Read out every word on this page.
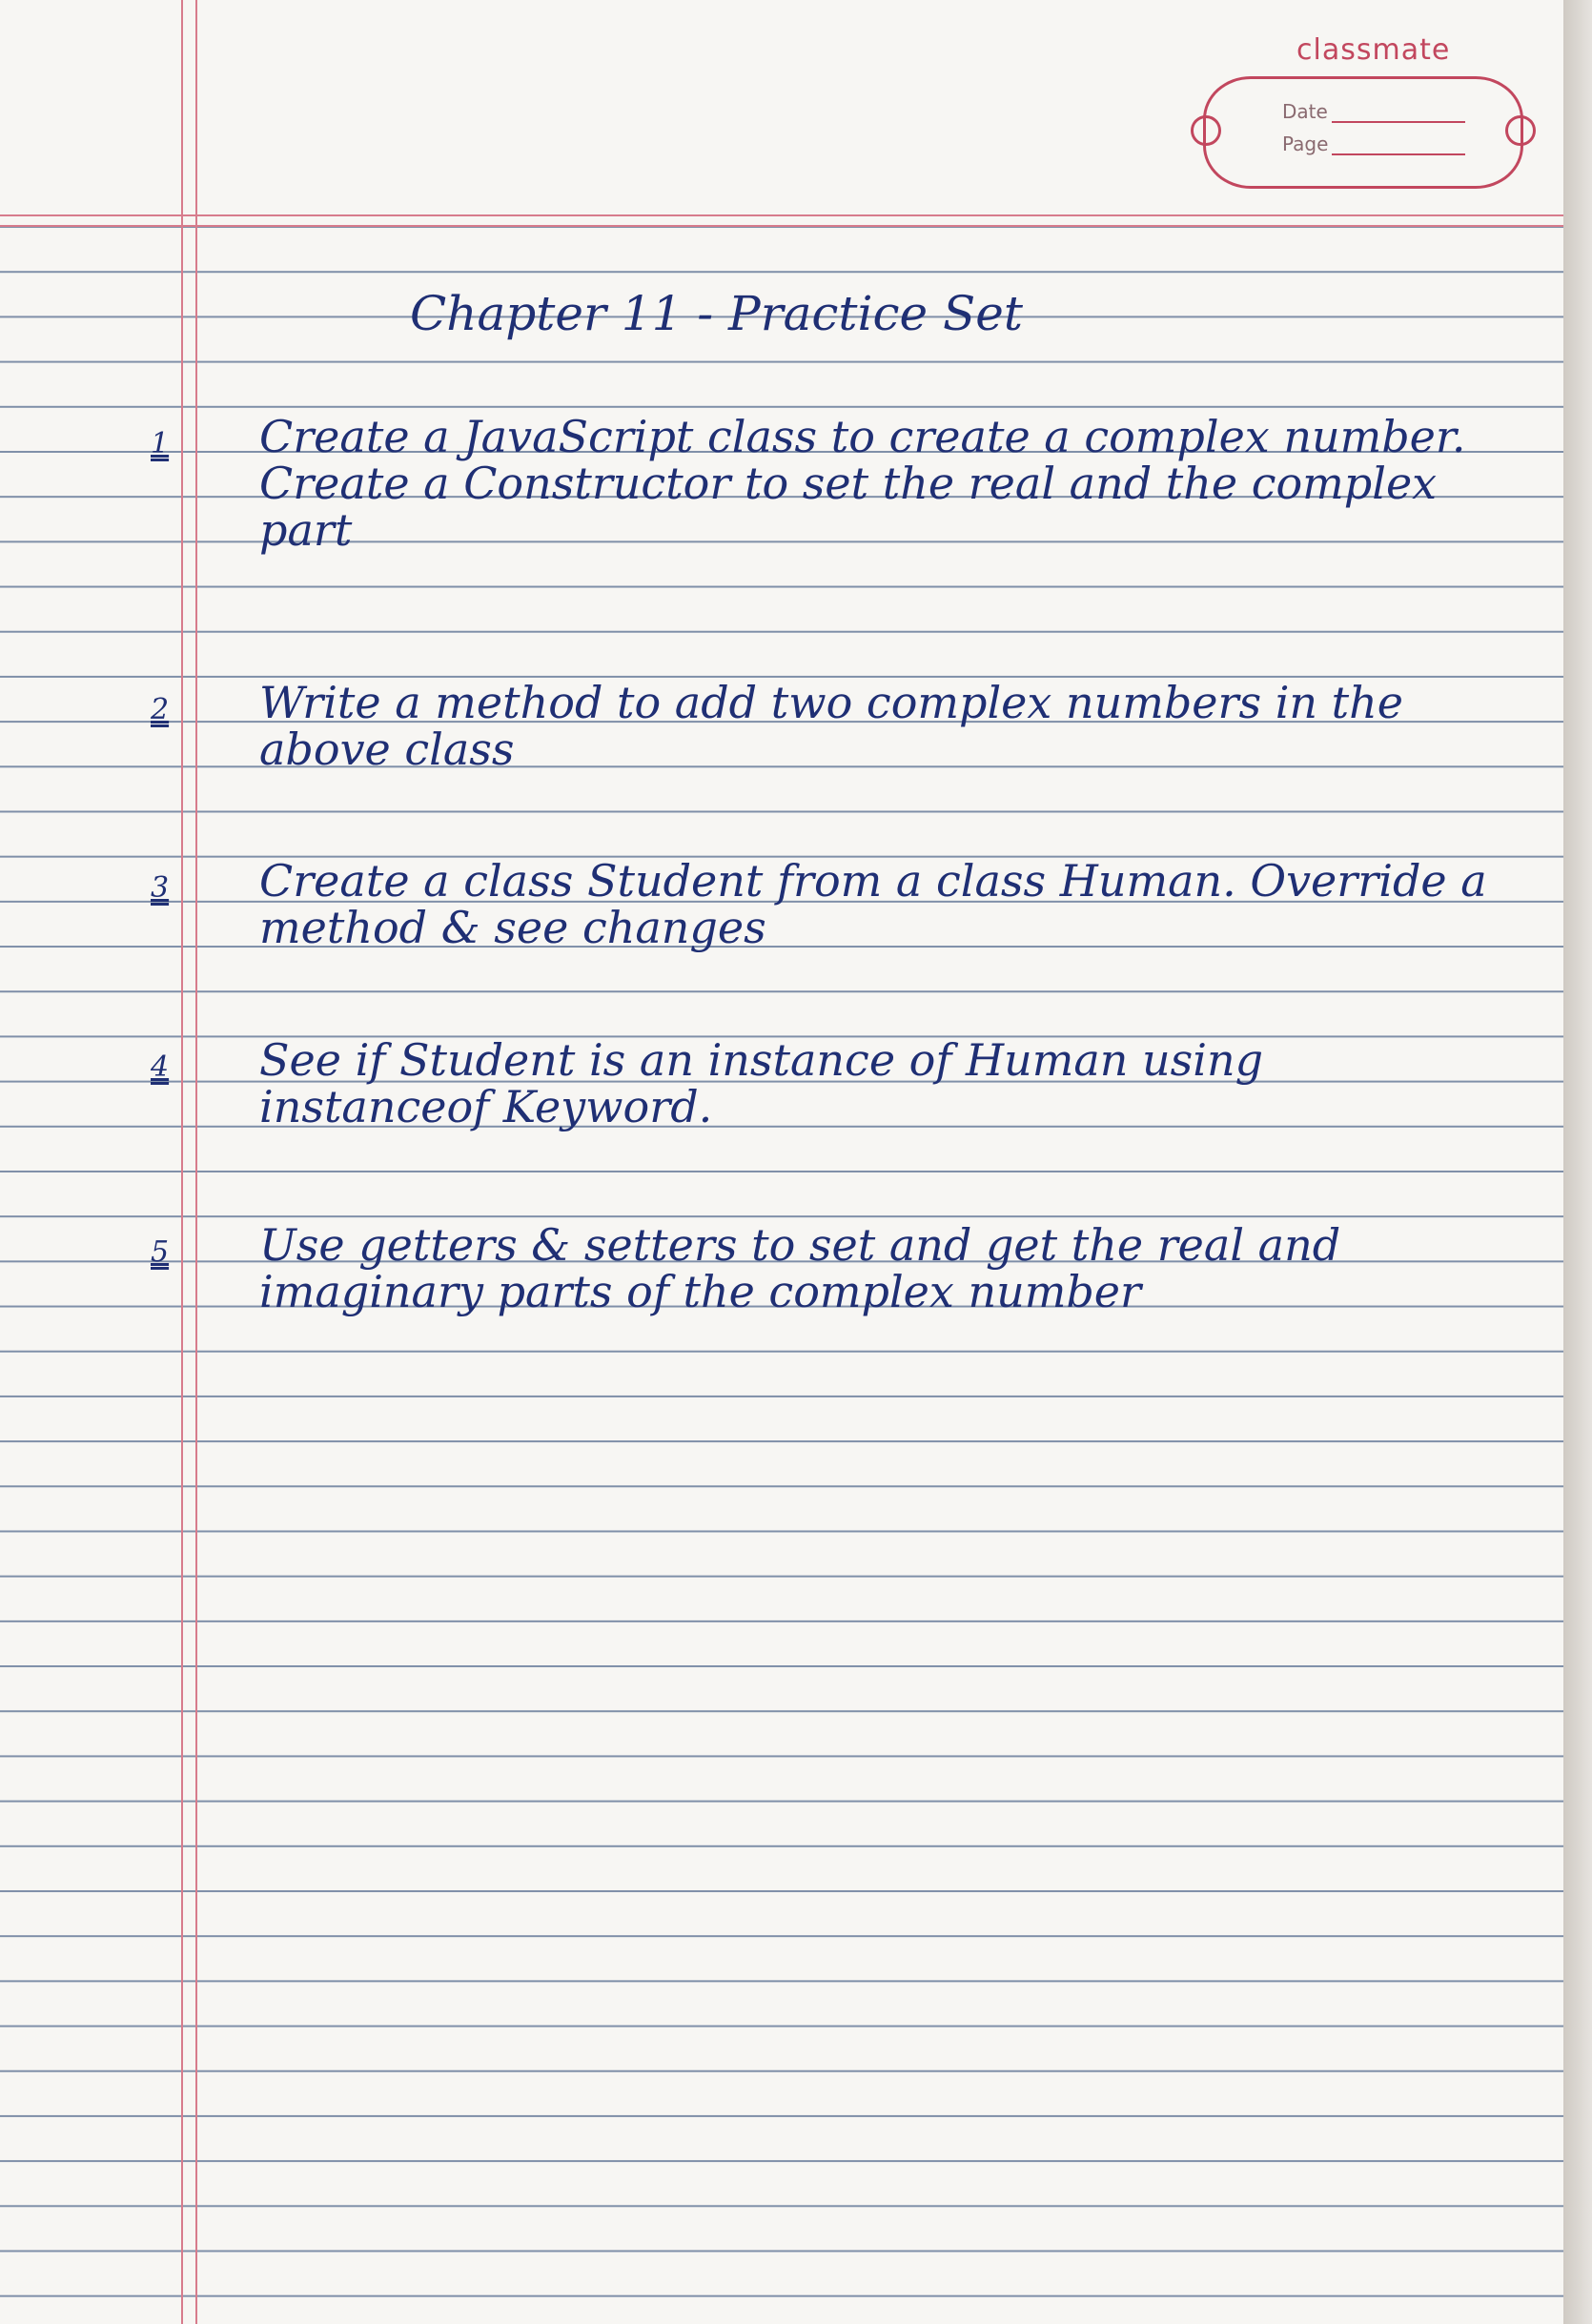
classmate
Date
Page
Chapter 11 - Practice Set
1 Create a JavaScript class to create a complex number. Create a Constructor to set the real and the complex part

2 Write a method to add two complex numbers in the above class

3 Create a class Student from a class Human. Override a method & see changes

4 See if Student is an instance of Human using instanceof Keyword.

5 Use getters & setters to set and get the real and imaginary parts of the complex number
